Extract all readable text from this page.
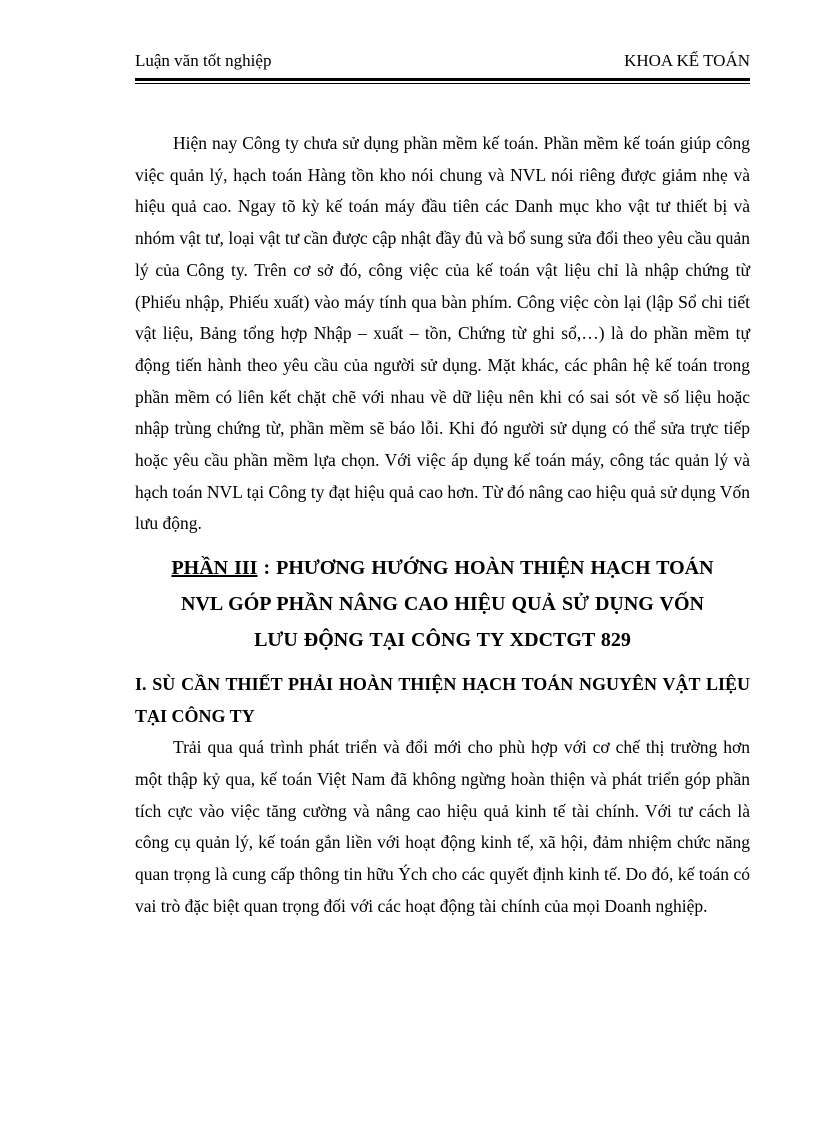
Luận văn tốt nghiệp	KHOA KẾ TOÁN

Hiện nay Công ty chưa sử dụng phần mềm kế toán. Phần mềm kế toán giúp công việc quản lý, hạch toán Hàng tồn kho nói chung và NVL nói riêng được giảm nhẹ và hiệu quả cao. Ngay tõ kỳ kế toán máy đầu tiên các Danh mục kho vật tư thiết bị và nhóm vật tư, loại vật tư cần được cập nhật đầy đủ và bổ sung sửa đổi theo yêu cầu quản lý của Công ty. Trên cơ sở đó, công việc của kế toán vật liệu chỉ là nhập chứng từ (Phiếu nhập, Phiếu xuất) vào máy tính qua bàn phím. Công việc còn lại (lập Sổ chi tiết vật liệu, Bảng tổng hợp Nhập – xuất – tồn, Chứng từ ghi sổ,…) là do phần mềm tự động tiến hành theo yêu cầu của người sử dụng. Mặt khác, các phân hệ kế toán trong phần mềm có liên kết chặt chẽ với nhau về dữ liệu nên khi có sai sót về số liệu hoặc nhập trùng chứng từ, phần mềm sẽ báo lỗi. Khi đó người sử dụng có thể sửa trực tiếp hoặc yêu cầu phần mềm lựa chọn. Với việc áp dụng kế toán máy, công tác quản lý và hạch toán NVL tại Công ty đạt hiệu quả cao hơn. Từ đó nâng cao hiệu quả sử dụng Vốn lưu động.

PHẦN III : PHƯƠNG HƯỚNG HOÀN THIỆN HẠCH TOÁN
NVL GÓP PHẦN NÂNG CAO HIỆU QUẢ SỬ DỤNG VỐN
LƯU ĐỘNG TẠI CÔNG TY XDCTGT 829
I. SÙ CẦN THIẾT PHẢI HOÀN THIỆN HẠCH TOÁN NGUYÊN VẬT LIỆU TẠI CÔNG TY

Trải qua quá trình phát triển và đổi mới cho phù hợp với cơ chế thị trường hơn một thập kỷ qua, kế toán Việt Nam đã không ngừng hoàn thiện và phát triển góp phần tích cực vào việc tăng cường và nâng cao hiệu quả kinh tế tài chính. Với tư cách là công cụ quản lý, kế toán gắn liền với hoạt động kinh tế, xã hội, đảm nhiệm chức năng quan trọng là cung cấp thông tin hữu Ých cho các quyết định kinh tế. Do đó, kế toán có vai trò đặc biệt quan trọng đối với các hoạt động tài chính của mọi Doanh nghiệp.
